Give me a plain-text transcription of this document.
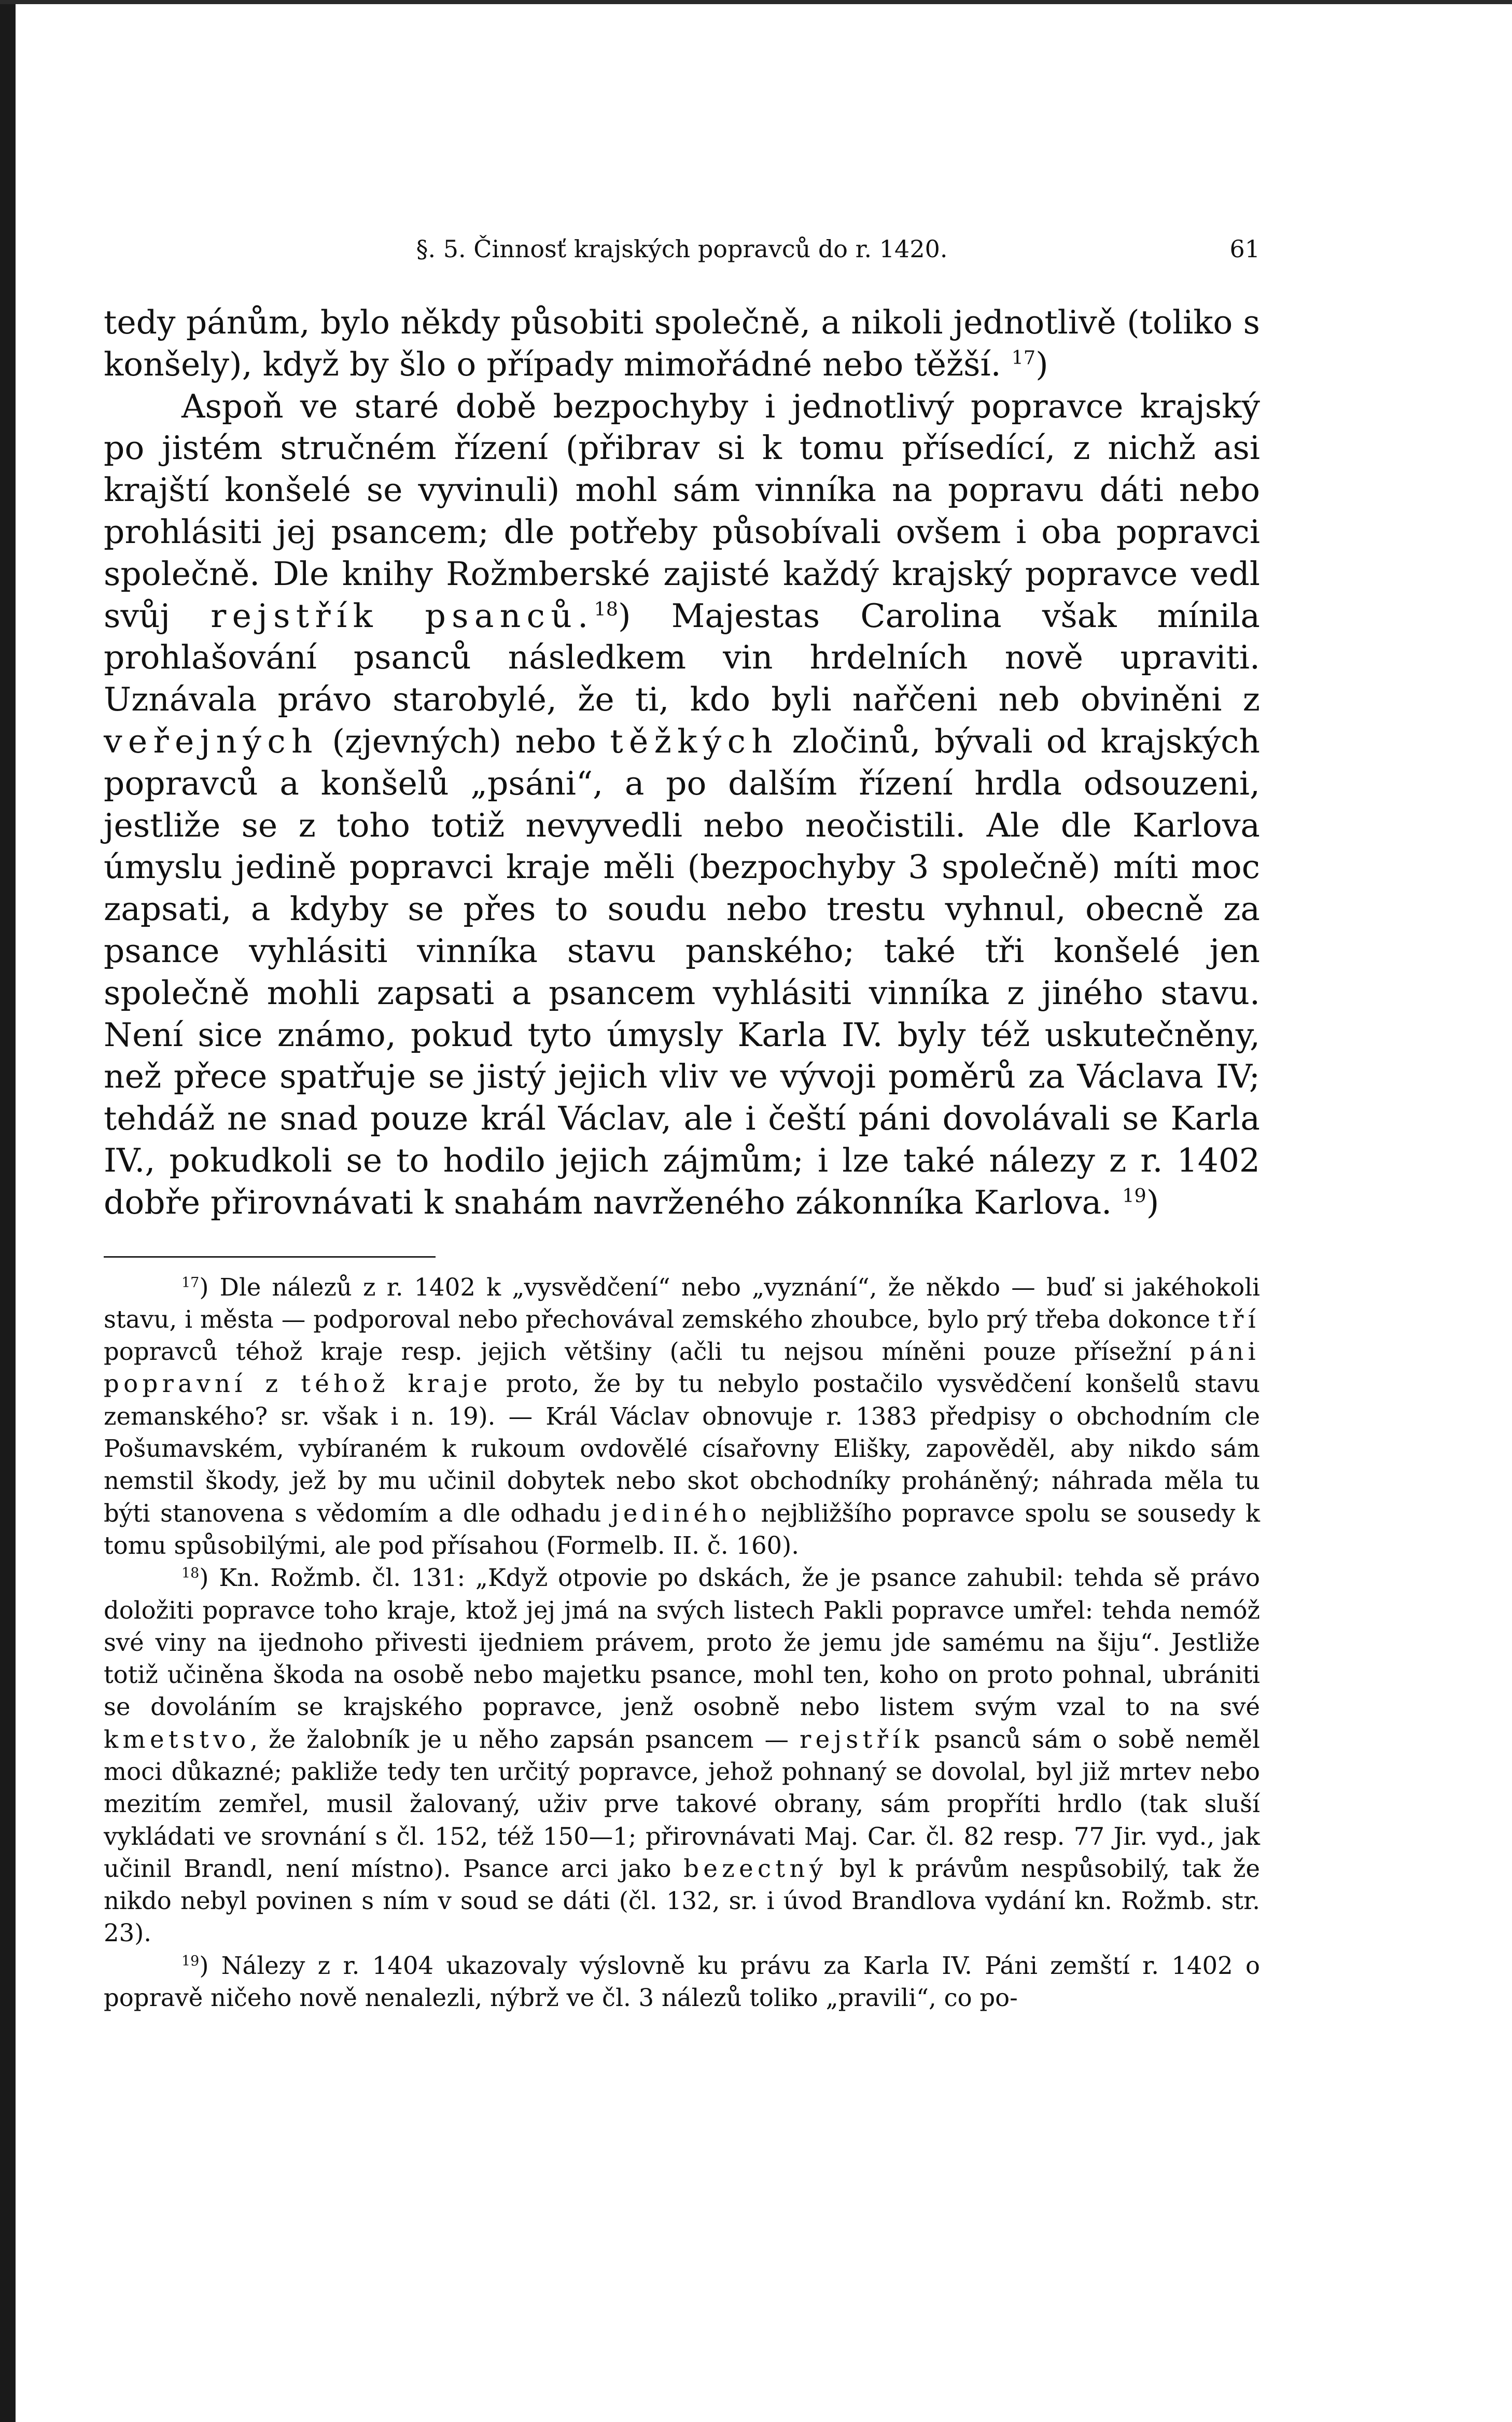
§. 5. Činnosť krajských popravců do r. 1420.	61

tedy pánům, bylo někdy působiti společně, a nikoli jednotlivě (toliko s konšely), když by šlo o případy mimořádné nebo těžší. $^{17}$)

Aspoň ve staré době bezpochyby i jednotlivý popravce krajský po jistém stručném řízení (přibrav si k tomu přísedící, z nichž asi krajští konšelé se vyvinuli) mohl sám vinníka na popravu dáti nebo prohlásiti jej psancem; dle potřeby působívali ovšem i oba popravci společně. Dle knihy Rožmberské zajisté každý krajský popravce vedl svůj rejstřík psanců.$^{18}$) Majestas Carolina však mínila prohlašování psanců následkem vin hrdelních nově upraviti. Uznávala právo starobylé, že ti, kdo byli nařčeni neb obviněni z veřejných (zjevných) nebo těžkých zločinů, bývali od krajských popravců a konšelů „psáni“, a po dalším řízení hrdla odsouzeni, jestliže se z toho totiž nevyvedli nebo neočistili. Ale dle Karlova úmyslu jedině popravci kraje měli (bezpochyby 3 společně) míti moc zapsati, a kdyby se přes to soudu nebo trestu vyhnul, obecně za psance vyhlásiti vinníka stavu panského; také tři konšelé jen společně mohli zapsati a psancem vyhlásiti vinníka z jiného stavu. Není sice známo, pokud tyto úmysly Karla IV. byly též uskutečněny, než přece spatřuje se jistý jejich vliv ve vývoji poměrů za Václava IV; tehdáž ne snad pouze král Václav, ale i čeští páni dovolávali se Karla IV., pokudkoli se to hodilo jejich zájmům; i lze také nálezy z r. 1402 dobře přirovnávati k snahám navrženého zákonníka Karlova. $^{19}$)

$^{17}$) Dle nálezů z r. 1402 k „vysvědčení“ nebo „vyznání“, že někdo — buď si jakéhokoli stavu, i města — podporoval nebo přechovával zemského zhoubce, bylo prý třeba dokonce tří popravců téhož kraje resp. jejich většiny (ačli tu nejsou míněni pouze přísežní páni popravní z téhož kraje proto, že by tu nebylo postačilo vysvědčení konšelů stavu zemanského? sr. však i n. 19). — Král Václav obnovuje r. 1383 předpisy o obchodním cle Pošumavském, vybíraném k rukoum ovdovělé císařovny Elišky, zapověděl, aby nikdo sám nemstil škody, jež by mu učinil dobytek nebo skot obchodníky proháněný; náhrada měla tu býti stanovena s vědomím a dle odhadu jediného nejbližšího popravce spolu se sousedy k tomu spůsobilými, ale pod přísahou (Formelb. II. č. 160).

$^{18}$) Kn. Rožmb. čl. 131: „Když otpovie po dskách, že je psance zahubil: tehda sě právo doložiti popravce toho kraje, ktož jej jmá na svých listech Pakli popravce umřel: tehda nemóž své viny na ijednoho přivesti ijedniem právem, proto že jemu jde samému na šiju“. Jestliže totiž učiněna škoda na osobě nebo majetku psance, mohl ten, koho on proto pohnal, ubrániti se dovoláním se krajského popravce, jenž osobně nebo listem svým vzal to na své kmetstvo, že žalobník je u něho zapsán psancem — rejstřík psanců sám o sobě neměl moci důkazné; pakliže tedy ten určitý popravce, jehož pohnaný se dovolal, byl již mrtev nebo mezitím zemřel, musil žalovaný, uživ prve takové obrany, sám propříti hrdlo (tak sluší vykládati ve srovnání s čl. 152, též 150—1; přirovnávati Maj. Car. čl. 82 resp. 77 Jir. vyd., jak učinil Brandl, není místno). Psance arci jako bezectný byl k právům nespůsobilý, tak že nikdo nebyl povinen s ním v soud se dáti (čl. 132, sr. i úvod Brandlova vydání kn. Rožmb. str. 23).

$^{19}$) Nálezy z r. 1404 ukazovaly výslovně ku právu za Karla IV. Páni zemští r. 1402 o popravě ničeho nově nenalezli, nýbrž ve čl. 3 nálezů toliko „pravili“, co po-
